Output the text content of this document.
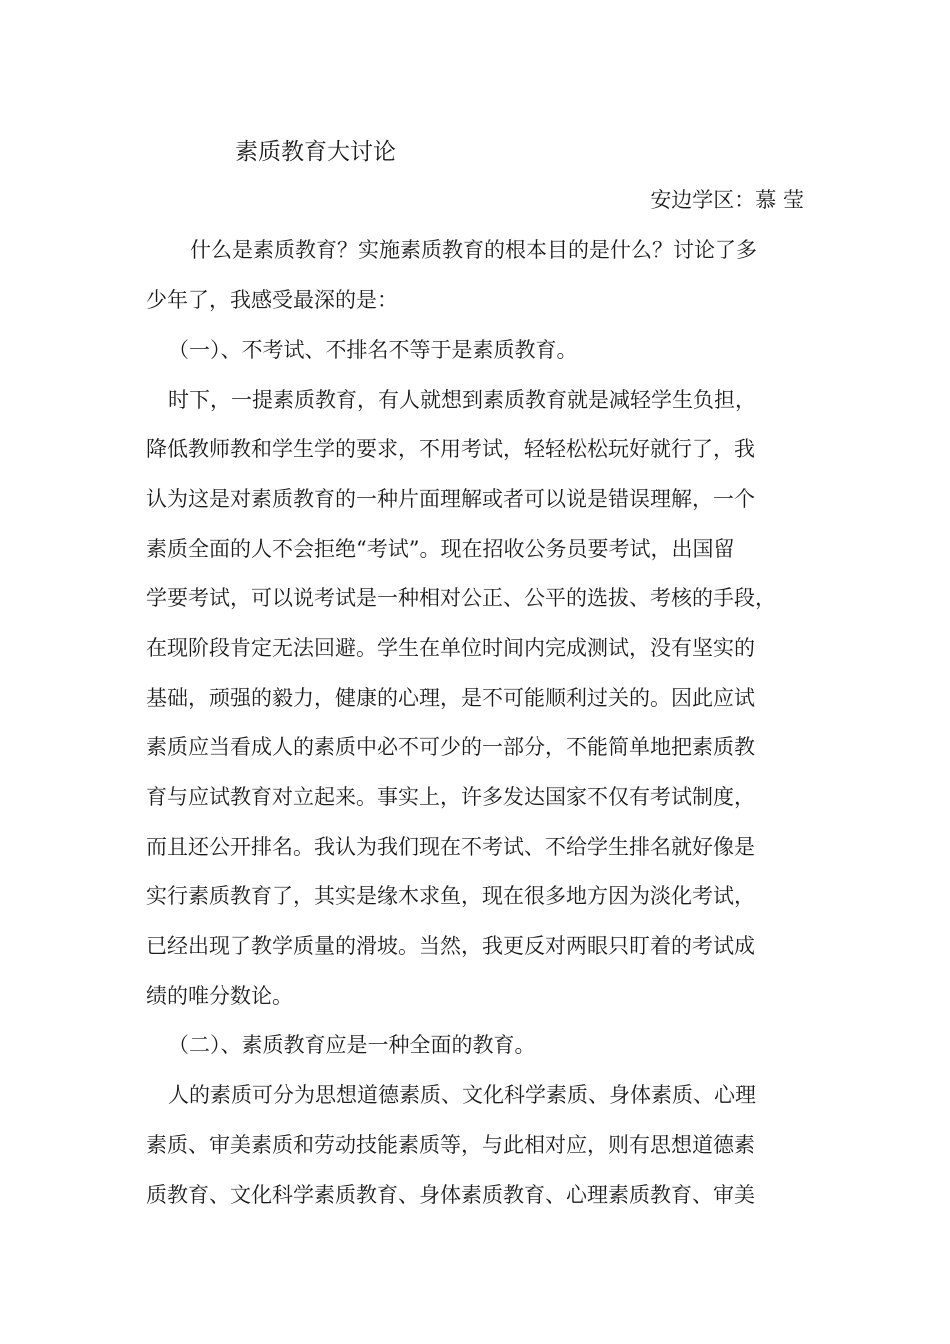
素质教育大讨论
安边学区：慕 莹
什么是素质教育？实施素质教育的根本目的是什么？讨论了多
少年了，我感受最深的是：
（一）、不考试、不排名不等于是素质教育。
时下，一提素质教育，有人就想到素质教育就是减轻学生负担，
降低教师教和学生学的要求，不用考试，轻轻松松玩好就行了，我
认为这是对素质教育的一种片面理解或者可以说是错误理解，一个
素质全面的人不会拒绝“考试”。现在招收公务员要考试，出国留
学要考试，可以说考试是一种相对公正、公平的选拔、考核的手段，
在现阶段肯定无法回避。学生在单位时间内完成测试，没有坚实的
基础，顽强的毅力，健康的心理，是不可能顺利过关的。因此应试
素质应当看成人的素质中必不可少的一部分，不能简单地把素质教
育与应试教育对立起来。事实上，许多发达国家不仅有考试制度，
而且还公开排名。我认为我们现在不考试、不给学生排名就好像是
实行素质教育了，其实是缘木求鱼，现在很多地方因为淡化考试，
已经出现了教学质量的滑坡。当然，我更反对两眼只盯着的考试成
绩的唯分数论。
（二）、素质教育应是一种全面的教育。
人的素质可分为思想道德素质、文化科学素质、身体素质、心理
素质、审美素质和劳动技能素质等，与此相对应，则有思想道德素
质教育、文化科学素质教育、身体素质教育、心理素质教育、审美
